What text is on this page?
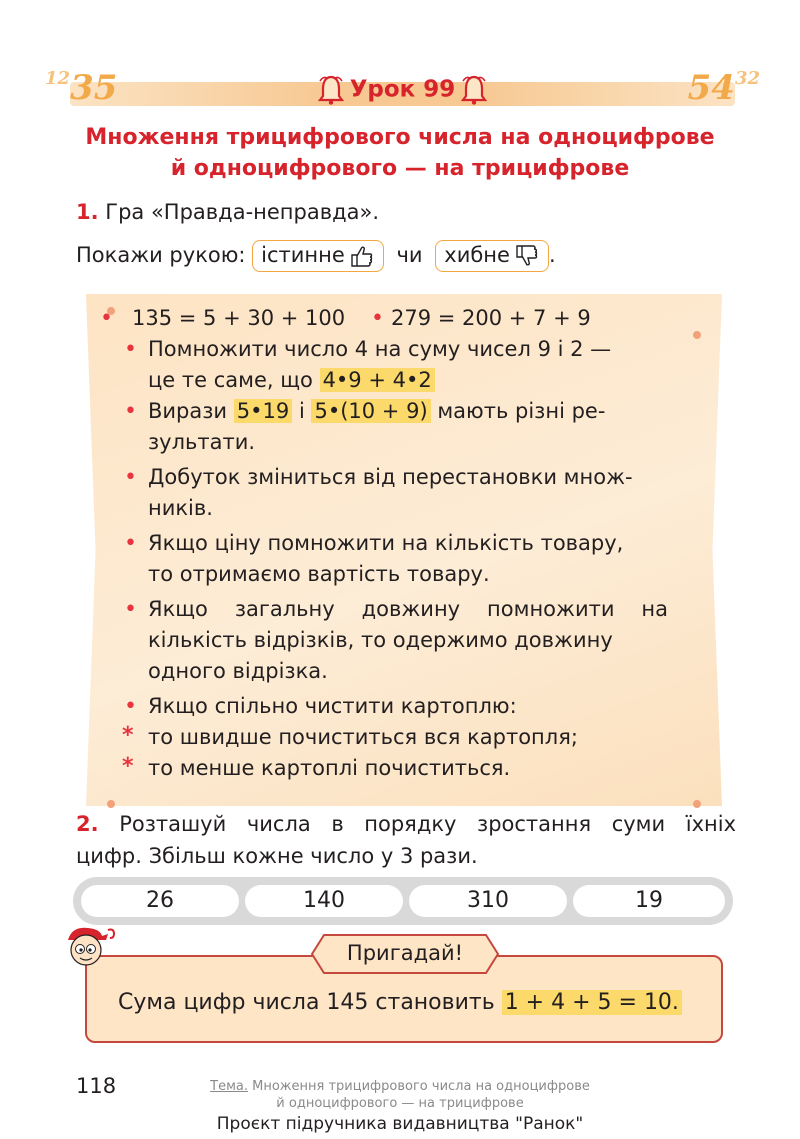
1235	Урок 99	5432
Множення трицифрового числа на одноцифрове
й одноцифрового — на трицифрове
1. Гра «Правда-неправда».
Покажи рукою: істинне чи хибне .
• 135 = 5 + 30 + 100 • 279 = 200 + 7 + 9
• Помножити число 4 на суму чисел 9 і 2 —
це те саме, що 4•9 + 4•2
• Вирази 5•19 і 5•(10 + 9) мають різні ре-
зультати.
• Добуток зміниться від перестановки множ-
ників.
• Якщо ціну помножити на кількість товару,
то отримаємо вартість товару.
• Якщо загальну довжину помножити на
кількість відрізків, то одержимо довжину
одного відрізка.
• Якщо спільно чистити картоплю:
* то швидше почиститься вся картопля;
* то менше картоплі почиститься.
2. Розташуй числа в порядку зростання суми їхніх
цифр. Збільш кожне число у 3 рази.
26	140	310	19
Пригадай!
Сума цифр числа 145 становить 1 + 4 + 5 = 10.
118	Тема. Множення трицифрового числа на одноцифрове
й одноцифрового — на трицифрове
Проєкт підручника видавництва "Ранок"
